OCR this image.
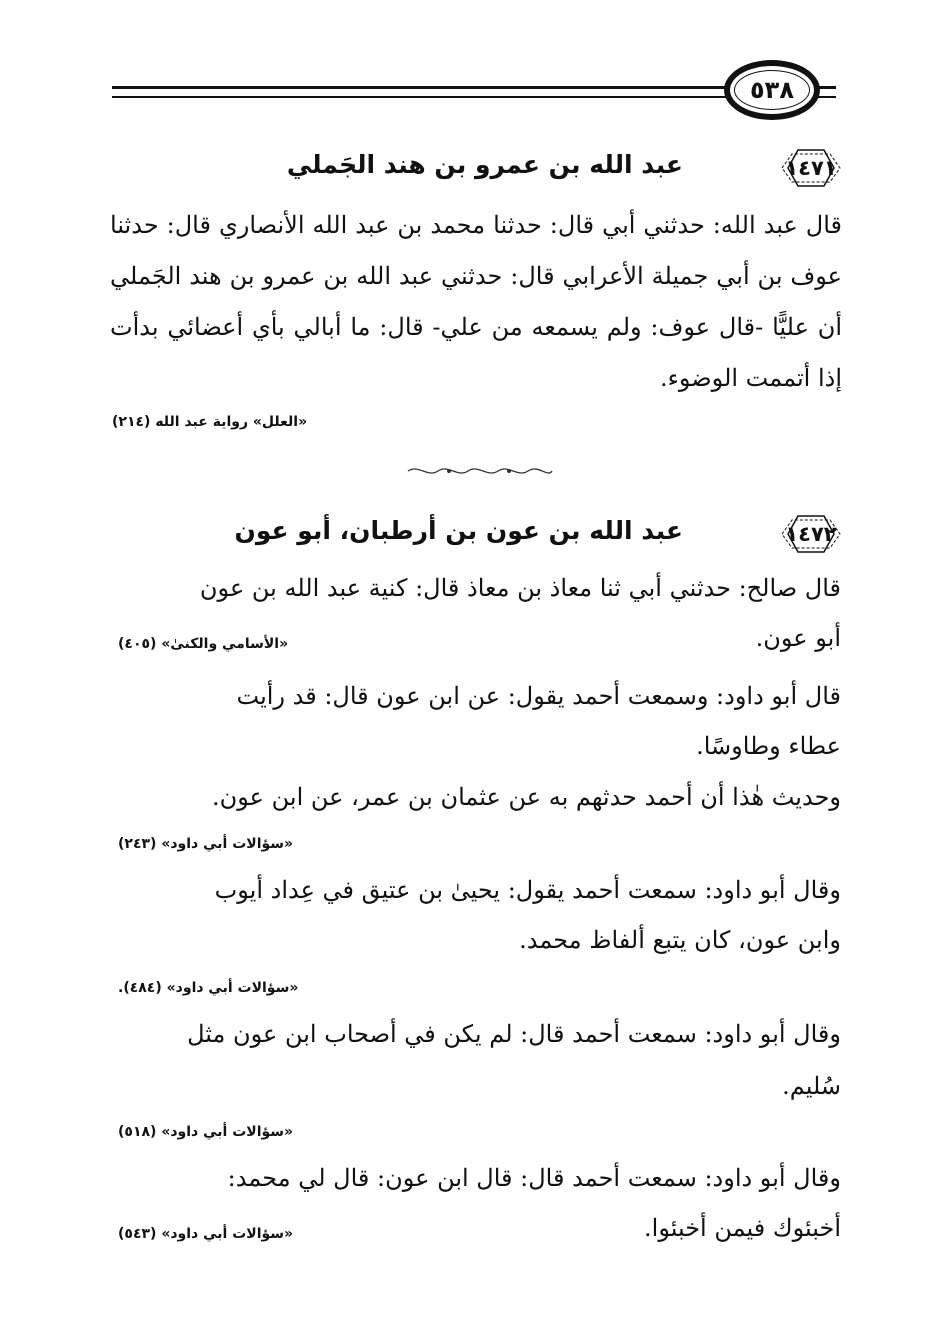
٥٣٨
١٤٧١
عبد الله بن عمرو بن هند الجَملي
قال عبد الله: حدثني أبي قال: حدثنا محمد بن عبد الله الأنصاري قال: حدثنا عوف بن أبي جميلة الأعرابي قال: حدثني عبد الله بن عمرو بن هند الجَملي أن عليًّا -قال عوف: ولم يسمعه من علي- قال: ما أبالي بأي أعضائي بدأت إذا أتممت الوضوء.
«العلل» رواية عبد الله (٢١٤)
١٤٧٢
عبد الله بن عون بن أرطبان، أبو عون
قال صالح: حدثني أبي ثنا معاذ بن معاذ قال: كنية عبد الله بن عون
أبو عون.
«الأسامي والكنىٰ» (٤٠٥)
قال أبو داود: وسمعت أحمد يقول: عن ابن عون قال: قد رأيت
عطاء وطاوسًا.
وحديث هٰذا أن أحمد حدثهم به عن عثمان بن عمر، عن ابن عون.
«سؤالات أبي داود» (٢٤٣)
وقال أبو داود: سمعت أحمد يقول: يحيىٰ بن عتيق في عِداد أيوب
وابن عون، كان يتبع ألفاظ محمد.
«سؤالات أبي داود» (٤٨٤).
وقال أبو داود: سمعت أحمد قال: لم يكن في أصحاب ابن عون مثل
سُليم.
«سؤالات أبي داود» (٥١٨)
وقال أبو داود: سمعت أحمد قال: قال ابن عون: قال لي محمد:
أخبئوك فيمن أخبئوا.
«سؤالات أبي داود» (٥٤٣)
